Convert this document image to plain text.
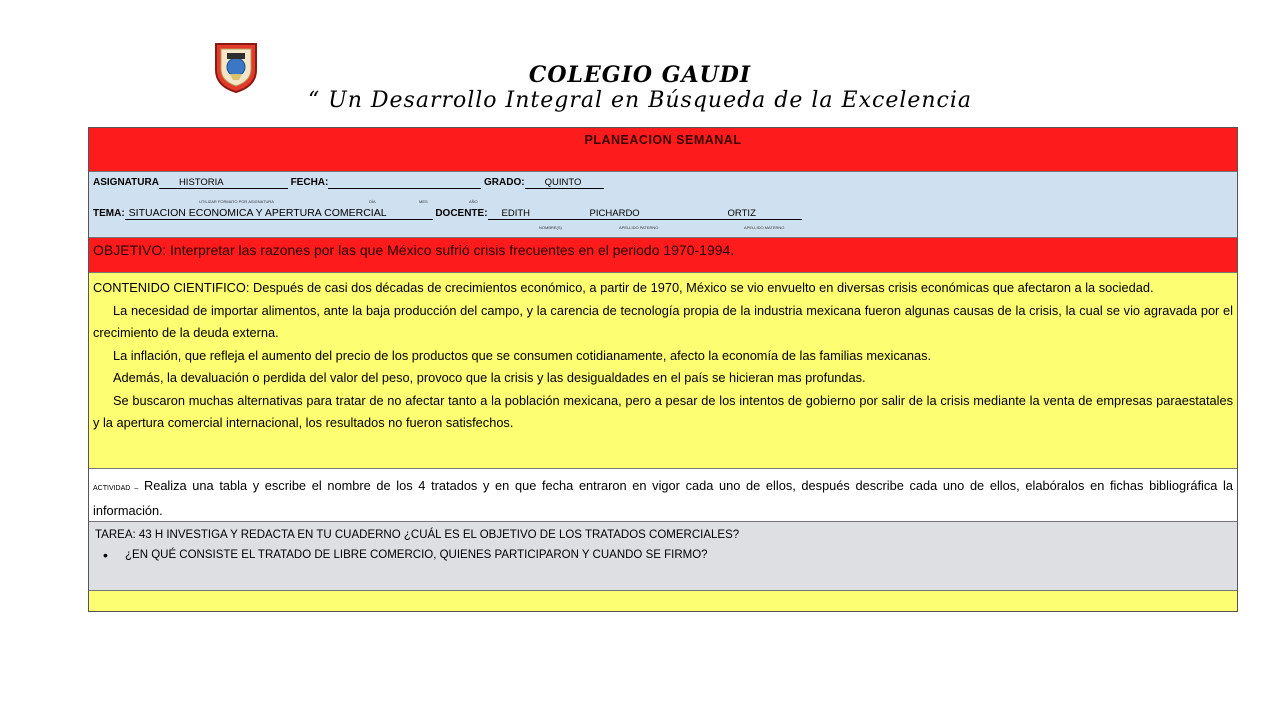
COLEGIO GAUDI
“ Un Desarrollo Integral en Búsqueda de la Excelencia
PLANEACION SEMANAL
ASIGNATURA HISTORIA	FECHA:	GRADO: QUINTO
UTILIZAR FORMATO POR ASIGNATURA	DÍA	MES	AÑO
TEMA: SITUACION ECONOMICA Y APERTURA COMERCIAL	DOCENTE: EDITH	PICHARDO	ORTIZ
NOMBRE(S)	APELLIDO PATERNO	APELLIDO MATERNO
OBJETIVO: Interpretar las razones por las que México sufrió crisis frecuentes en el periodo 1970-1994.

CONTENIDO CIENTIFICO: Después de casi dos décadas de crecimientos económico, a partir de 1970, México se vio envuelto en diversas crisis económicas que afectaron a la sociedad.

La necesidad de importar alimentos, ante la baja producción del campo, y la carencia de tecnología propia de la industria mexicana fueron algunas causas de la crisis, la cual se vio agravada por el crecimiento de la deuda externa.

La inflación, que refleja el aumento del precio de los productos que se consumen cotidianamente, afecto la economía de las familias mexicanas.

Además, la devaluación o perdida del valor del peso, provoco que la crisis y las desigualdades en el país se hicieran mas profundas.

Se buscaron muchas alternativas para tratar de no afectar tanto a la población mexicana, pero a pesar de los intentos de gobierno por salir de la crisis mediante la venta de empresas paraestatales y la apertura comercial internacional, los resultados no fueron satisfechos.

ACTIVIDAD – Realiza una tabla y escribe el nombre de los 4 tratados y en que fecha entraron en vigor cada uno de ellos, después describe cada uno de ellos, elabóralos en fichas bibliográfica la información.
TAREA: 43 H INVESTIGA Y REDACTA EN TU CUADERNO ¿CUÁL ES EL OBJETIVO DE LOS TRATADOS COMERCIALES?
• ¿EN QUÉ CONSISTE EL TRATADO DE LIBRE COMERCIO, QUIENES PARTICIPARON Y CUANDO SE FIRMO?
